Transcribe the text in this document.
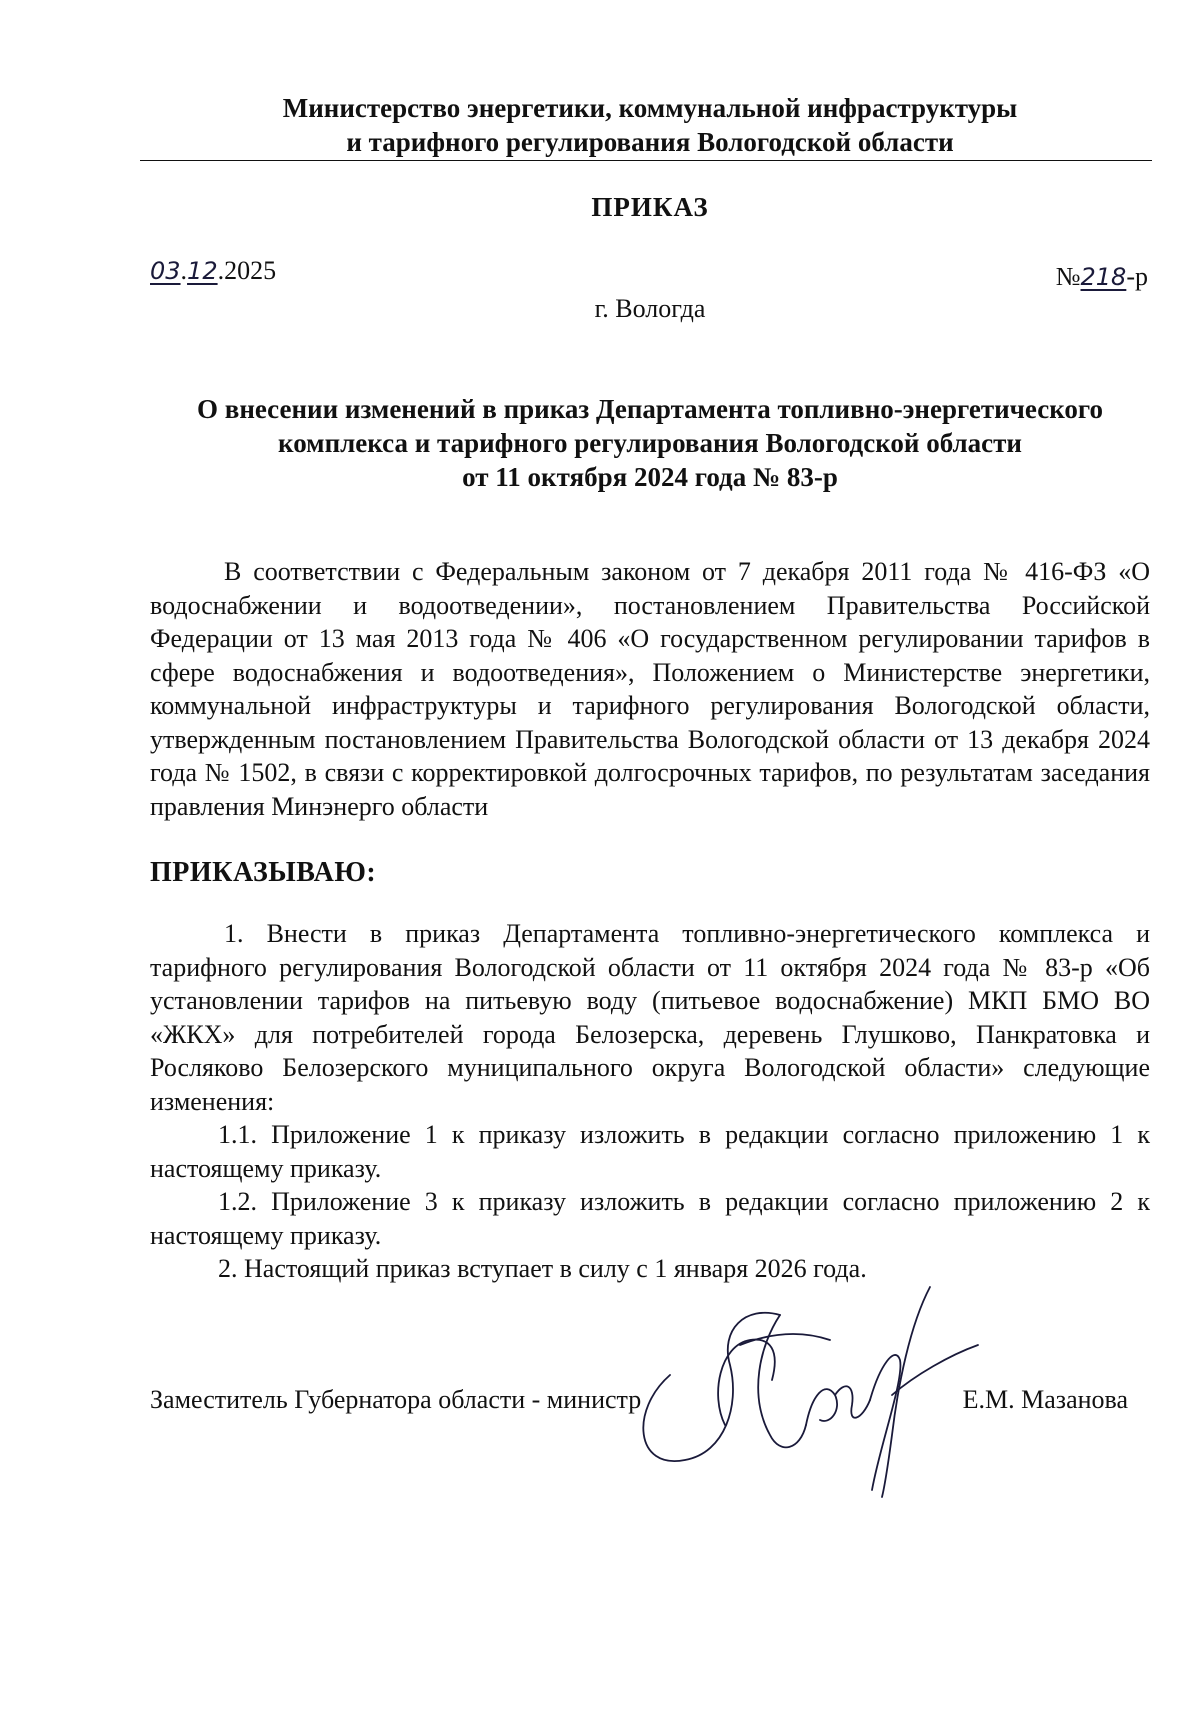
Министерство энергетики, коммунальной инфраструктуры
и тарифного регулирования Вологодской области
ПРИКАЗ
03.12.2025	№218-р
г. Вологда
О внесении изменений в приказ Департамента топливно-энергетического
комплекса и тарифного регулирования Вологодской области
от 11 октября 2024 года № 83-р
В соответствии с Федеральным законом от 7 декабря 2011 года № 416-ФЗ «О водоснабжении и водоотведении», постановлением Правительства Российской Федерации от 13 мая 2013 года № 406 «О государственном регулировании тарифов в сфере водоснабжения и водоотведения», Положением о Министерстве энергетики, коммунальной инфраструктуры и тарифного регулирования Вологодской области, утвержденным постановлением Правительства Вологодской области от 13 декабря 2024 года № 1502, в связи с корректировкой долгосрочных тарифов, по результатам заседания правления Минэнерго области
ПРИКАЗЫВАЮ:

1. Внести в приказ Департамента топливно-энергетического комплекса и тарифного регулирования Вологодской области от 11 октября 2024 года № 83-р «Об установлении тарифов на питьевую воду (питьевое водоснабжение) МКП БМО ВО «ЖКХ» для потребителей города Белозерска, деревень Глушково, Панкратовка и Росляково Белозерского муниципального округа Вологодской области» следующие изменения:

1.1. Приложение 1 к приказу изложить в редакции согласно приложению 1 к настоящему приказу.

1.2. Приложение 3 к приказу изложить в редакции согласно приложению 2 к настоящему приказу.

2. Настоящий приказ вступает в силу с 1 января 2026 года.

Заместитель Губернатора области - министр	Е.М. Мазанова
